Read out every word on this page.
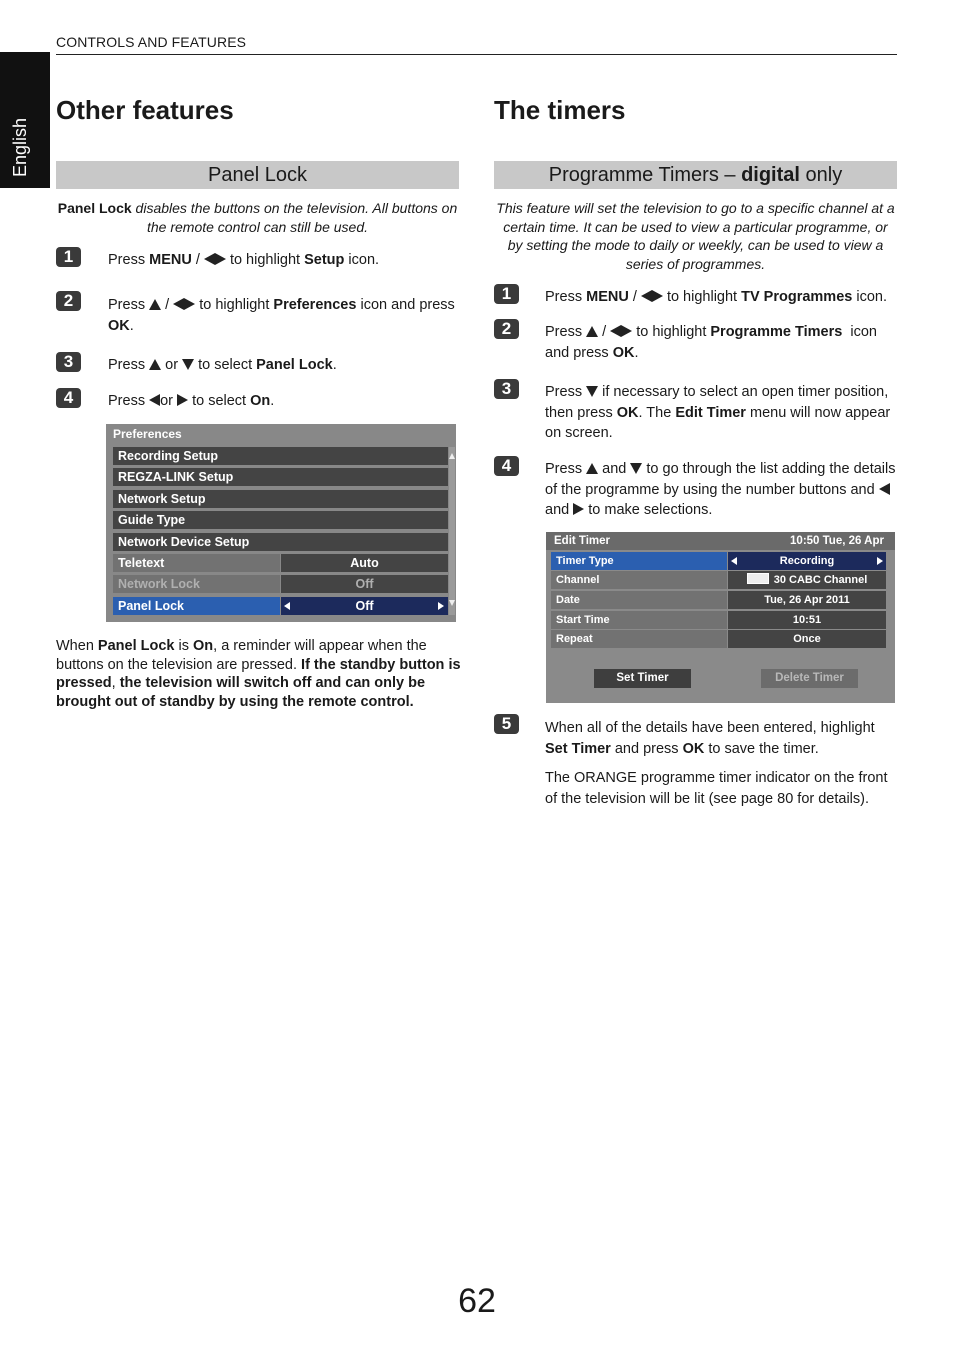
English
CONTROLS AND FEATURES
Other features
Panel Lock
Panel Lock disables the buttons on the television. All buttons on the remote control can still be used.
1	Press MENU /  to highlight Setup icon.
2	Press  /  to highlight Preferences icon and press OK.
3	Press or to select Panel Lock.
4	Press or to select On.
Preferences
Recording Setup
REGZA-LINK Setup
Network Setup
Guide Type
Network Device Setup
Teletext	Auto
Network Lock	Off
Panel Lock	Off
When Panel Lock is On, a reminder will appear when the buttons on the television are pressed. If the standby button is pressed, the television will switch off and can only be brought out of standby by using the remote control.
The timers
Programme Timers – digital only
This feature will set the television to go to a specific channel at a certain time. It can be used to view a particular programme, or by setting the mode to daily or weekly, can be used to view a series of programmes.
1	Press MENU /  to highlight TV Programmes icon.
2	Press  /  to highlight Programme Timers  icon and press OK.
3	Press if necessary to select an open timer position, then press OK. The Edit Timer menu will now appear on screen.
4	Press and to go through the list adding the details of the programme by using the number buttons and and to make selections.
Edit Timer	10:50 Tue, 26 Apr
Timer Type	Recording
Channel	30 CABC Channel
Date	Tue, 26 Apr 2011
Start Time	10:51
Repeat	Once
Set Timer	Delete Timer
5	When all of the details have been entered, highlight Set Timer and press OK to save the timer.
The ORANGE programme timer indicator on the front of the television will be lit (see page 80 for details).
62
